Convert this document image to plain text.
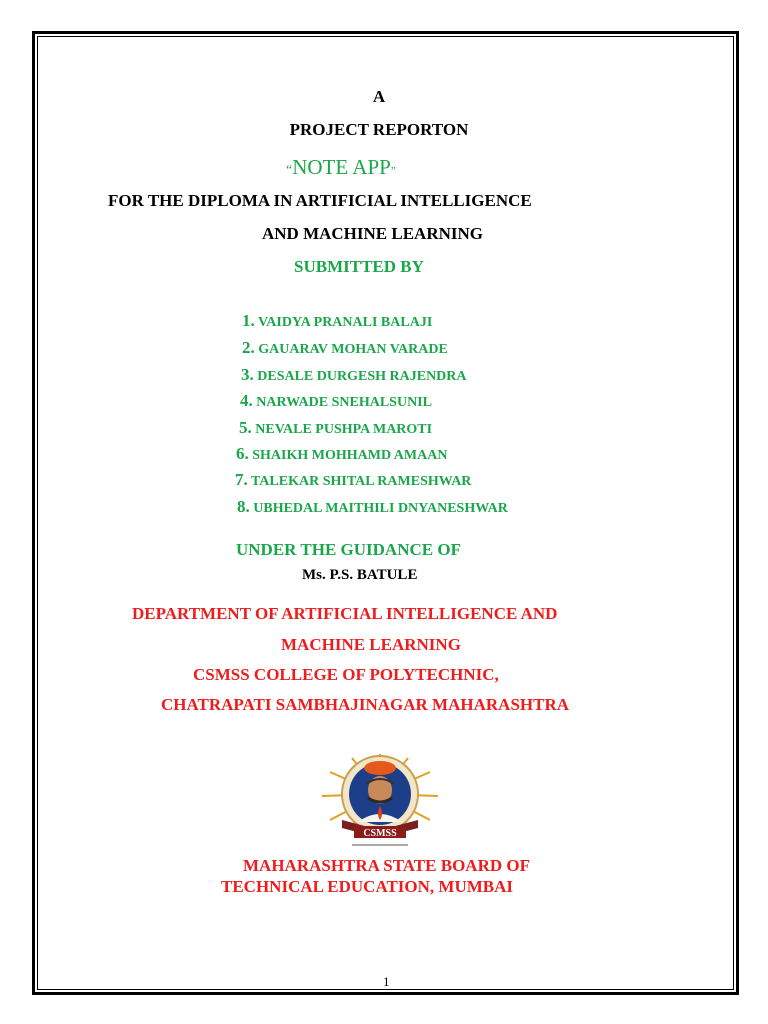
A
PROJECT REPORTON
“NOTE APP”
FOR THE DIPLOMA IN ARTIFICIAL INTELLIGENCE
AND MACHINE LEARNING
SUBMITTED BY
1. VAIDYA PRANALI BALAJI
2. GAUARAV MOHAN VARADE
3. DESALE DURGESH RAJENDRA
4. NARWADE SNEHALSUNIL
5. NEVALE PUSHPA MAROTI
6. SHAIKH MOHHAMD AMAAN
7. TALEKAR SHITAL RAMESHWAR
8. UBHEDAL MAITHILI DNYANESHWAR
UNDER THE GUIDANCE OF
Ms. P.S. BATULE
DEPARTMENT OF ARTIFICIAL INTELLIGENCE AND
MACHINE LEARNING
CSMSS COLLEGE OF POLYTECHNIC,
CHATRAPATI SAMBHAJINAGAR MAHARASHTRA
CSMSS
MAHARASHTRA STATE BOARD OF
TECHNICAL EDUCATION, MUMBAI
1
